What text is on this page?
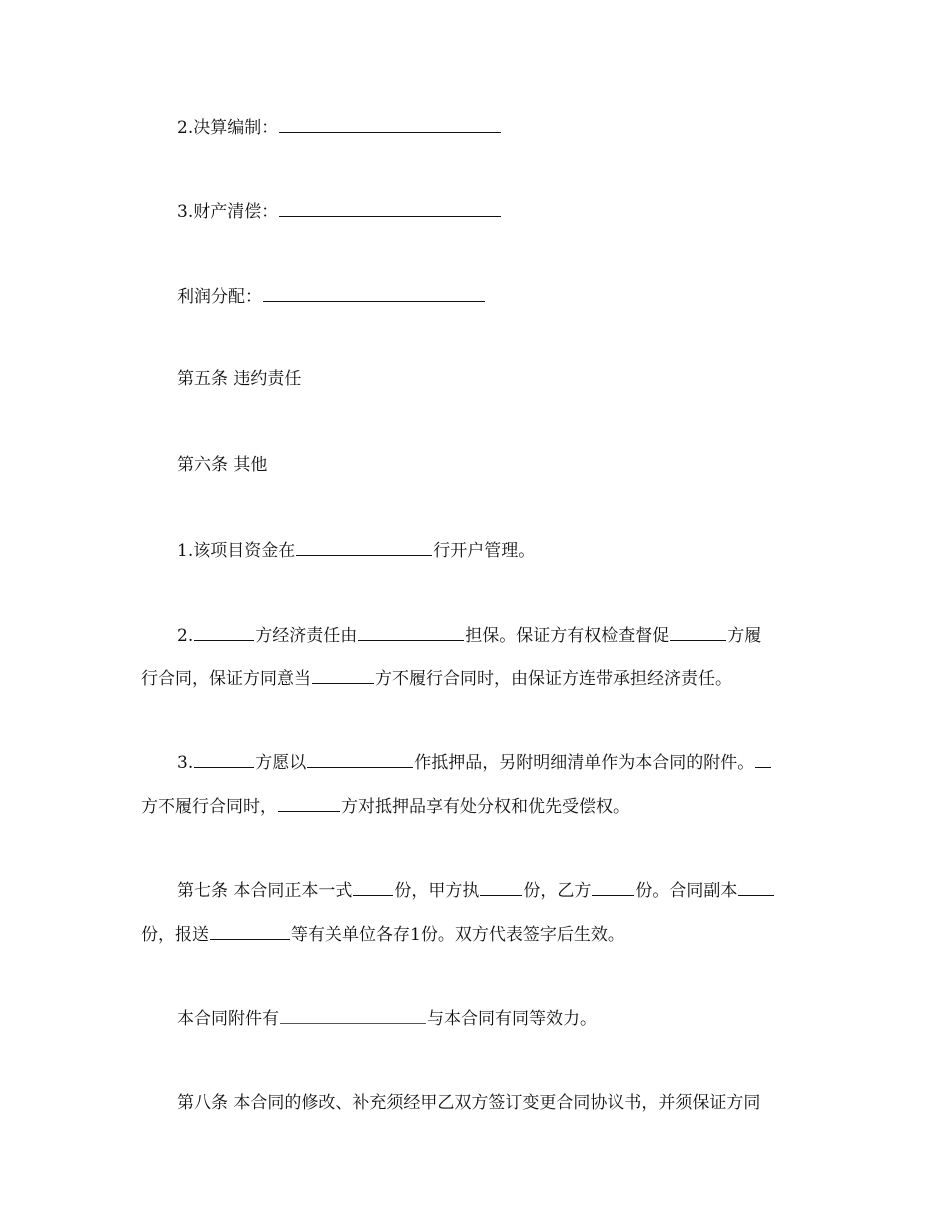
2.决算编制：
3.财产清偿：
利润分配：
第五条 违约责任
第六条 其他
1.该项目资金在	行开户管理。
2.	方经济责任由	担保。保证方有权检查督促	方履
行合同，保证方同意当	方不履行合同时，由保证方连带承担经济责任。
3.	方愿以	作抵押品，另附明细清单作为本合同的附件。
方不履行合同时，	方对抵押品享有处分权和优先受偿权。
第七条 本合同正本一式 份，甲方执	份，乙方	份。合同副本
份，报送	等有关单位各存1份。双方代表签字后生效。
本合同附件有	与本合同有同等效力。
第八条 本合同的修改、补充须经甲乙双方签订变更合同协议书，并须保证方同
